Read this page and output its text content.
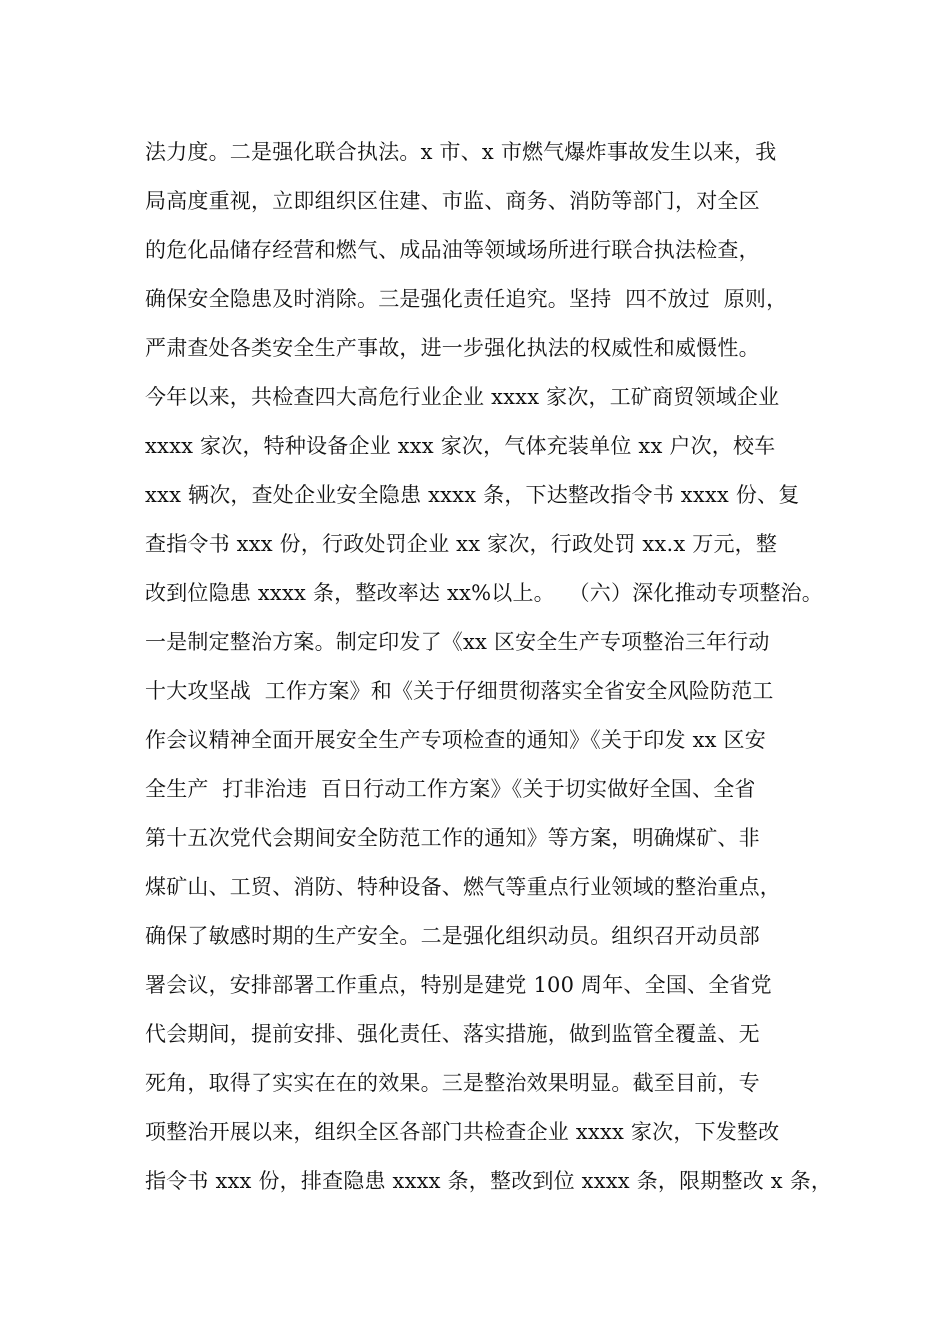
法力度。二是强化联合执法。x 市、x 市燃气爆炸事故发生以来，我
局高度重视，立即组织区住建、市监、商务、消防等部门，对全区
的危化品储存经营和燃气、成品油等领域场所进行联合执法检查，
确保安全隐患及时消除。三是强化责任追究。坚持  四不放过  原则，
严肃查处各类安全生产事故，进一步强化执法的权威性和威慑性。
今年以来，共检查四大高危行业企业 xxxx 家次，工矿商贸领域企业
xxxx 家次，特种设备企业 xxx 家次，气体充装单位 xx 户次，校车
xxx 辆次，查处企业安全隐患 xxxx 条，下达整改指令书 xxxx 份、复
查指令书 xxx 份，行政处罚企业 xx 家次，行政处罚 xx.x 万元，整
改到位隐患 xxxx 条，整改率达 xx%以上。  （六）深化推动专项整治。
一是制定整治方案。制定印发了《xx 区安全生产专项整治三年行动
十大攻坚战  工作方案》和《关于仔细贯彻落实全省安全风险防范工
作会议精神全面开展安全生产专项检查的通知》《关于印发 xx 区安
全生产  打非治违  百日行动工作方案》《关于切实做好全国、全省
第十五次党代会期间安全防范工作的通知》等方案，明确煤矿、非
煤矿山、工贸、消防、特种设备、燃气等重点行业领域的整治重点，
确保了敏感时期的生产安全。二是强化组织动员。组织召开动员部
署会议，安排部署工作重点，特别是建党 100 周年、全国、全省党
代会期间，提前安排、强化责任、落实措施，做到监管全覆盖、无
死角，取得了实实在在的效果。三是整治效果明显。截至目前，专
项整治开展以来，组织全区各部门共检查企业 xxxx 家次，下发整改
指令书 xxx 份，排查隐患 xxxx 条，整改到位 xxxx 条，限期整改 x 条，
